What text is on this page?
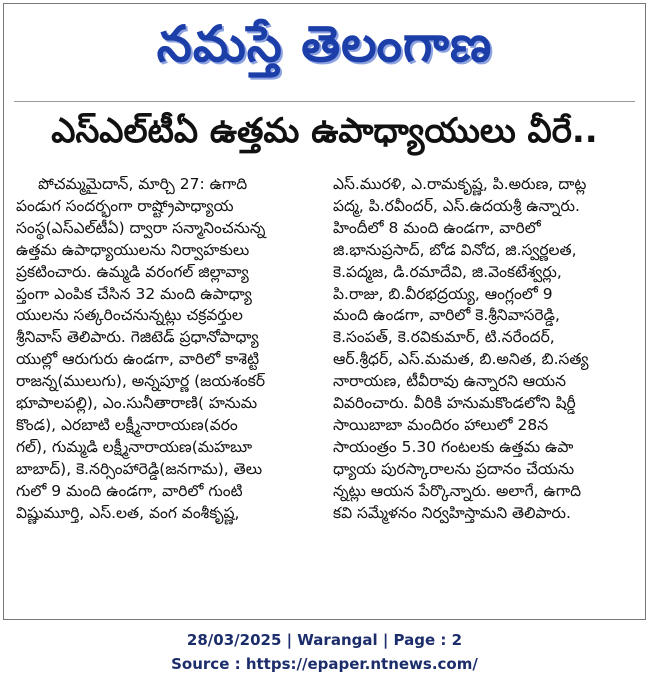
నమస్తే తెలంగాణ
ఎస్‌ఎల్‌టీఏ ఉత్తమ ఉపాధ్యాయులు వీరే..
పోచమ్మమైదాన్, మార్చి 27: ఉగాది
పండుగ సందర్భంగా రాష్ట్రోపాధ్యాయ
సంస్థ(ఎస్‌ఎల్‌టీఏ) ద్వారా సన్మానించనున్న
ఉత్తమ ఉపాధ్యాయులను నిర్వాహకులు
ప్రకటించారు. ఉమ్మడి వరంగల్ జిల్లావ్యా
ప్తంగా ఎంపిక చేసిన 32 మంది ఉపాధ్యా
యులను సత్కరించనున్నట్లు చక్రవర్తుల
శ్రీనివాస్ తెలిపారు. గెజిటెడ్ ప్రధానోపాధ్యా
యుల్లో ఆరుగురు ఉండగా, వారిలో కాశెట్టి
రాజన్న(ములుగు), అన్నపూర్ణ (జయశంకర్
భూపాలపల్లి), ఎం.సునీతారాణి( హనుమ
కొండ), ఎరబాటి లక్ష్మీనారాయణ(వరం
గల్), గుమ్మడి లక్ష్మీనారాయణ(మహబూ
బాబాద్), కె.నర్సింహారెడ్డి(జనగామ), తెలు
గులో 9 మంది ఉండగా, వారిలో గుంటి
విష్ణుమూర్తి, ఎస్.లత, వంగ వంశీకృష్ణ,
ఎస్.మురళి, ఎ.రామకృష్ణ, పి.అరుణ, దాట్ల
పద్మ, పి.రవీందర్, ఎస్.ఉదయశ్రీ ఉన్నారు.
హిందీలో 8 మంది ఉండగా, వారిలో
జి.భానుప్రసాద్, బోడ వినోద, జి.స్వర్ణలత,
కె.పద్మజ, డి.రమాదేవి, జి.వెంకటేశ్వర్లు,
పి.రాజు, బి.వీరభద్రయ్య, ఆంగ్లంలో 9
మంది ఉండగా, వారిలో కె.శ్రీనివాసరెడ్డి,
కె.సంపత్, కె.రవికుమార్, టి.నరేందర్,
ఆర్.శ్రీధర్, ఎస్.మమత, బి.అనిత, బి.సత్య
నారాయణ, టీవీరావు ఉన్నారని ఆయన
వివరించారు. వీరికి హనుమకొండలోని షిర్డీ
సాయిబాబా మందిరం హాలులో 28న
సాయంత్రం 5.30 గంటలకు ఉత్తమ ఉపా
ధ్యాయ పురస్కారాలను ప్రదానం చేయను
న్నట్లు ఆయన పేర్కొన్నారు. అలాగే, ఉగాది
కవి సమ్మేళనం నిర్వహిస్తామని తెలిపారు.
28/03/2025 | Warangal | Page : 2
Source : https://epaper.ntnews.com/
